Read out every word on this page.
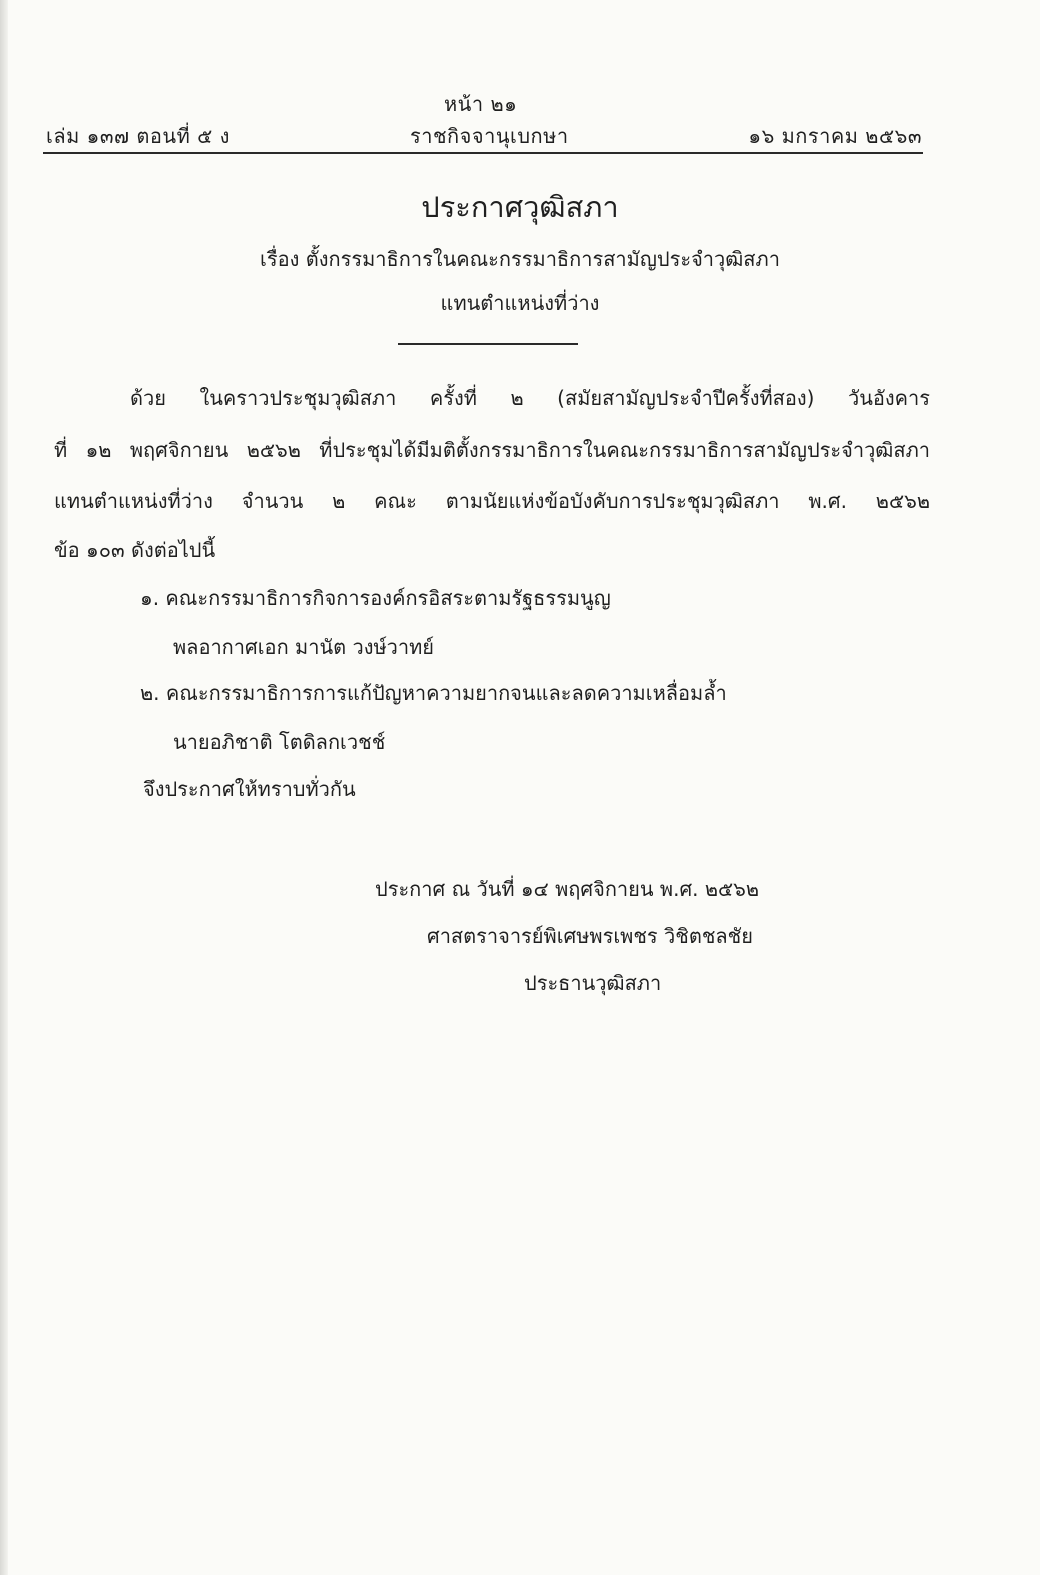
หน้า ๒๑
เล่ม ๑๓๗ ตอนที่ ๕ ง	ราชกิจจานุเบกษา	๑๖ มกราคม ๒๕๖๓
ประกาศวุฒิสภา
เรื่อง ตั้งกรรมาธิการในคณะกรรมาธิการสามัญประจำวุฒิสภา
แทนตำแหน่งที่ว่าง
ด้วย ในคราวประชุมวุฒิสภา ครั้งที่ ๒ (สมัยสามัญประจำปีครั้งที่สอง) วันอังคาร
ที่ ๑๒ พฤศจิกายน ๒๕๖๒ ที่ประชุมได้มีมติตั้งกรรมาธิการในคณะกรรมาธิการสามัญประจำวุฒิสภา
แทนตำแหน่งที่ว่าง จำนวน ๒ คณะ ตามนัยแห่งข้อบังคับการประชุมวุฒิสภา พ.ศ. ๒๕๖๒
ข้อ ๑๐๓ ดังต่อไปนี้
๑. คณะกรรมาธิการกิจการองค์กรอิสระตามรัฐธรรมนูญ
พลอากาศเอก มานัต วงษ์วาทย์
๒. คณะกรรมาธิการการแก้ปัญหาความยากจนและลดความเหลื่อมล้ำ
นายอภิชาติ โตดิลกเวชช์
จึงประกาศให้ทราบทั่วกัน
ประกาศ ณ วันที่ ๑๔ พฤศจิกายน พ.ศ. ๒๕๖๒
ศาสตราจารย์พิเศษพรเพชร วิชิตชลชัย
ประธานวุฒิสภา
